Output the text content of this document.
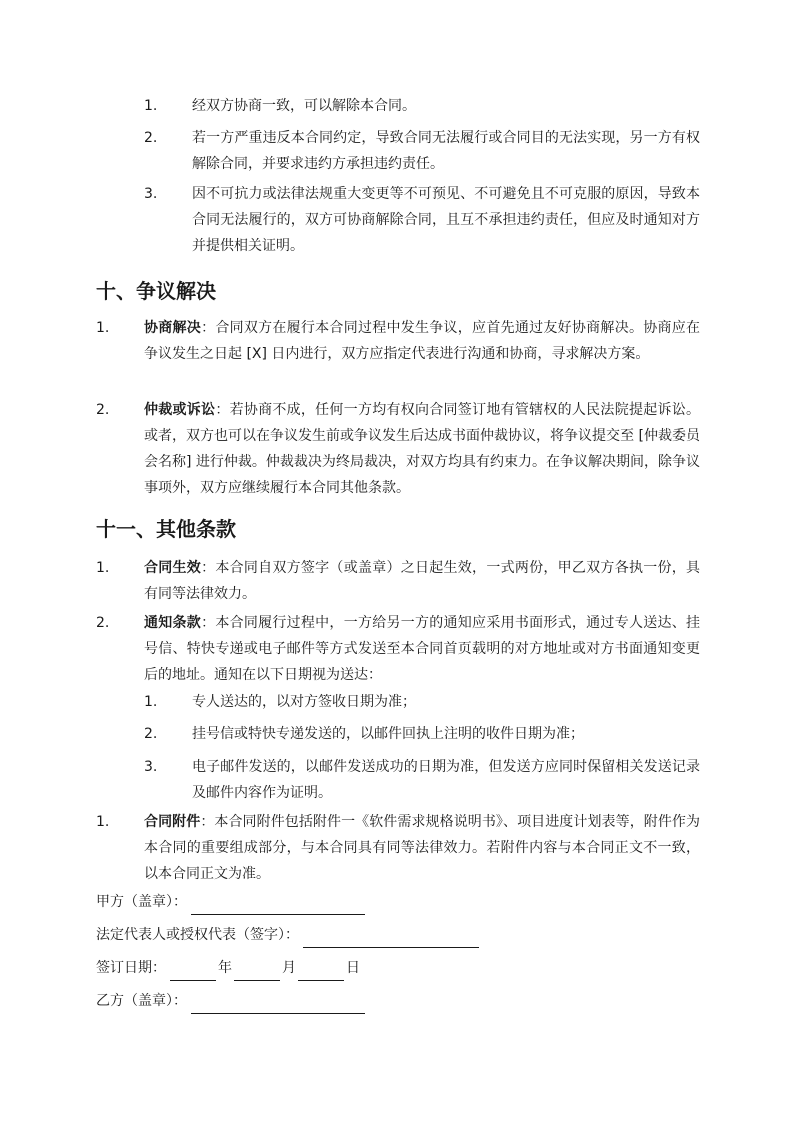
1.	经双方协商一致，可以解除本合同。
2.	若一方严重违反本合同约定，导致合同无法履行或合同目的无法实现，另一方有权解除合同，并要求违约方承担违约责任。
3.	因不可抗力或法律法规重大变更等不可预见、不可避免且不可克服的原因，导致本合同无法履行的，双方可协商解除合同，且互不承担违约责任，但应及时通知对方并提供相关证明。
十、争议解决
1.	协商解决：合同双方在履行本合同过程中发生争议，应首先通过友好协商解决。协商应在争议发生之日起 [X] 日内进行，双方应指定代表进行沟通和协商，寻求解决方案。
2.	仲裁或诉讼：若协商不成，任何一方均有权向合同签订地有管辖权的人民法院提起诉讼。或者，双方也可以在争议发生前或争议发生后达成书面仲裁协议，将争议提交至 [仲裁委员会名称] 进行仲裁。仲裁裁决为终局裁决，对双方均具有约束力。在争议解决期间，除争议事项外，双方应继续履行本合同其他条款。
十一、其他条款
1.	合同生效：本合同自双方签字（或盖章）之日起生效，一式两份，甲乙双方各执一份，具有同等法律效力。
2.	通知条款：本合同履行过程中，一方给另一方的通知应采用书面形式，通过专人送达、挂号信、特快专递或电子邮件等方式发送至本合同首页载明的对方地址或对方书面通知变更后的地址。通知在以下日期视为送达：
1.	专人送达的，以对方签收日期为准；
2.	挂号信或特快专递发送的，以邮件回执上注明的收件日期为准；
3.	电子邮件发送的，以邮件发送成功的日期为准，但发送方应同时保留相关发送记录及邮件内容作为证明。
1.	合同附件：本合同附件包括附件一《软件需求规格说明书》、项目进度计划表等，附件作为本合同的重要组成部分，与本合同具有同等法律效力。若附件内容与本合同正文不一致，以本合同正文为准。
甲方（盖章）：
法定代表人或授权代表（签字）：
签订日期：	年	月	日
乙方（盖章）：
